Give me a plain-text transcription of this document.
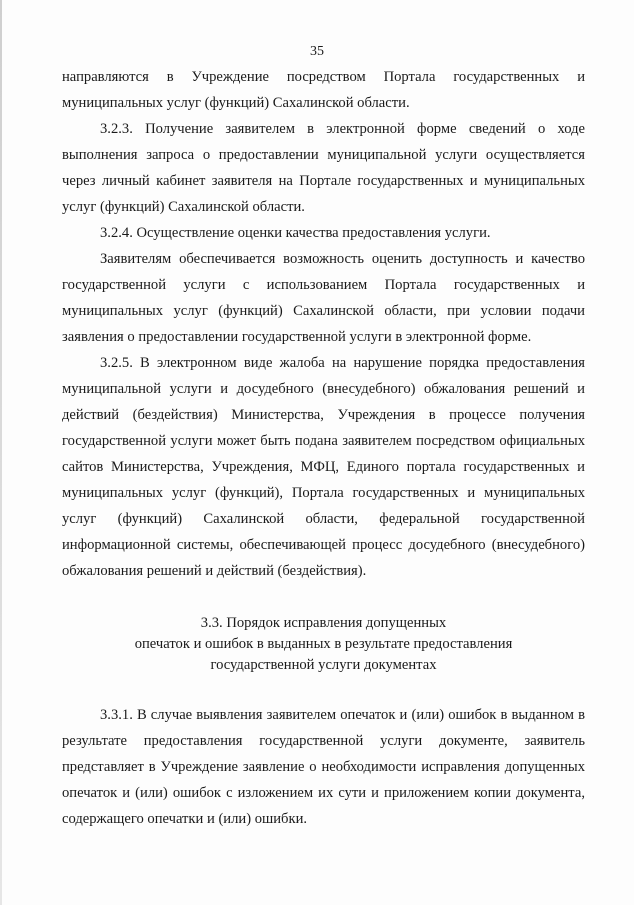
35

направляются в Учреждение посредством Портала государственных и муниципальных услуг (функций) Сахалинской области.

3.2.3. Получение заявителем в электронной форме сведений о ходе выполнения запроса о предоставлении муниципальной услуги осуществляется через личный кабинет заявителя на Портале государственных и муниципальных услуг (функций) Сахалинской области.

3.2.4. Осуществление оценки качества предоставления услуги.

Заявителям обеспечивается возможность оценить доступность и качество государственной услуги с использованием Портала государственных и муниципальных услуг (функций) Сахалинской области, при условии подачи заявления о предоставлении государственной услуги в электронной форме.

3.2.5. В электронном виде жалоба на нарушение порядка предоставления муниципальной услуги и досудебного (внесудебного) обжалования решений и действий (бездействия) Министерства, Учреждения в процессе получения государственной услуги может быть подана заявителем посредством официальных сайтов Министерства, Учреждения, МФЦ, Единого портала государственных и муниципальных услуг (функций), Портала государственных и муниципальных услуг (функций) Сахалинской области, федеральной государственной информационной системы, обеспечивающей процесс досудебного (внесудебного) обжалования решений и действий (бездействия).

3.3. Порядок исправления допущенных
опечаток и ошибок в выданных в результате предоставления
государственной услуги документах

3.3.1. В случае выявления заявителем опечаток и (или) ошибок в выданном в результате предоставления государственной услуги документе, заявитель представляет в Учреждение заявление о необходимости исправления допущенных опечаток и (или) ошибок с изложением их сути и приложением копии документа, содержащего опечатки и (или) ошибки.
